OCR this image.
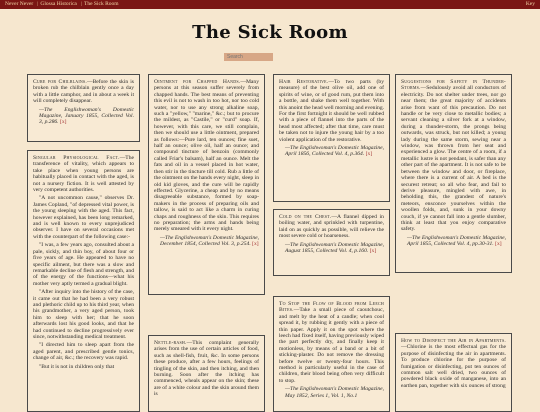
Never Never | Glossa Historica | The Sick Room	Key
The Sick Room
Search

Cure for Chilblains.—Before the skin is broken rub the chilblain gently once a day with a little camphor, and in about a week it will completely disappear.

—The Englishwoman's Domestic Magazine, January 1855, Collected Vol. 3, p.286. [x]

Singular Physiological Fact.—The transference of vitality, which appears to take place when young persons are habitually placed in contact with the aged, is not a nursery fiction. It is well attested by very competent authorities.

"A not uncommon cause," observes Dr. James Copland, "of depressed vital power, is the young sleeping with the aged. This fact, however explained, has been long remarked, and is well known to every unprejudiced observer. I have on several occasions met with the counterpart of the following case:-

"I was, a few years ago, consulted about a pale, sickly, and thin boy, of about four or five years of age. He appeared to have no specific ailment, but there was a slow and remarkable decline of flesh and strength, and of the energy of the functions—what his mother very aptly termed a gradual blight.

"After inquiry into the history of the case, it came out that he had been a very robust and plethoric child up to his third year, when his grandmother, a very aged person, took him to sleep with her; that he soon afterwards lost his good looks, and that he had continued to decline progressively ever since, notwithstanding medical treatment.

"I directed him to sleep apart from the aged parent, and prescribed gentle tonics, change of air, &c.; the recovery was rapid.

"But it is not in children only that

Ointment for Chapped Hands.—Many persons at this season suffer severely from chapped hands. The best means of preventing this evil is not to wash in too hot, nor too cold water, nor to use any strong alkaline soap, such a "yellow," "marine," &c.; but to procure the mildest, as "Castile," or "curd" soap. If, however, with this care, we still complain, then we should use a little ointment, prepared as follows:—Pure lard, ten ounces; fine suet, half an ounce; olive oil, half an ounce; and compound tincture of benzoin (commonly called Friar's balsam), half an ounce. Melt the fats and oil in a vessel placed in hot water, then stir in the tincture till cold. Rub a little of the ointment on the hands every night, sleep in old kid gloves, and the cure will be rapidly effected. Glycerine, a cheap and by no means disagreeable substance, formed by soap-makers in the process of preparing oils and tallow, is said to act like a charm in curing chaps and roughness of the skin. This requires no preparation; the arms and hands being merely smeared with it every night.

—The Englishwoman's Domestic Magazine, December 1854, Collected Vol. 3, p.254. [x]

Nettle-rash.—This complaint generally arises from the use of certain articles of food, such as shell-fish, fruit, &c. In some persons these produce, after a few hours, feelings of tingling of the skin, and then itching, and then burning. Soon after the itching has commenced, wheals appear on the skin; these are of a white colour and the skin around them is

Hair Restorative.—To two parts (by measure) of the best olive oil, add one of spirits of wine, or of good rum, put them into a bottle, and shake them well together. With this anoint the head well morning and evening. For the first fortnight it should be well rubbed with a piece of flannel into the parts of the head most affected; after that time, care must be taken not to injure the young hair by a too violent application of the restorative.

—The Englishwoman's Domestic Magazine, April 1856, Collected Vol. 4, p.364. [x]

Cold on the Chest.—A flannel dipped in boiling water, and sprinkled with turpentine, laid on as quickly as possible, will relieve the most severe cold or hoarseness.

—The Englishwoman's Domestic Magazine, August 1855, Collected Vol. 4, p.160. [x]

To Stop the Flow of Blood from Leech Bites.—Take a small piece of caoutchouc, and melt by the heat of a candle; when cool spread it, by rubbing it gently with a piece of thin paper. Apply it on the spot where the leech had fixed itself, having previously wiped the part perfectly dry, and finally keep it motionless, by means of a band or a bit of sticking-plaster. Do not remove the dressing before twelve or twenty-four hours. This method is particularly useful in the case of children, their blood being often very difficult to stop.

—The Englishwoman's Domestic Magazine, May 1852, Series 1, Vol. 1, No.1

Suggestions for Safety in Thunder-Storms.—Sedulously avoid all conductors of electricity. Do not shelter under trees, nor go near them; the great majority of accidents arise from want of this precaution. Do not handle or be very close to metallic bodies; a servant cleaning a silver fork at a window, during a thunder-storm, the prongs being outwards, was struck, but not killed; a young lady during the same storm, sewing near a window, was thrown from her seat and experienced a glow. The centre of a room, if a metallic lustre is not pendant, is safer than any other part of the apartment. It is not safe to be between the window and door, or fireplace, where there is a current of air. A bed is the securest retreat; so all who fear, and fail to derive pleasure, mingled with awe, in beholding this, the grandest of nature's meteors, ensconce yourselves within the woollen folds, and, sunk in your downy couch, if ye cannot fall into a gentle slumber, think at least that you enjoy comparative safety.

—The Englishwoman's Domestic Magazine, April 1855, Collected Vol. 4, pp.30-31. [x]

How to Disinfect the Air in Apartments.—Chlorine is the most effectual gas for the purpose of disinfecting the air in apartments. To produce chlorine for the purpose of fumigation or disinfecting, put ten ounces of common salt well dried, two ounces of powdered black oxide of manganese, into an earthen pan, together with six ounces of strong
